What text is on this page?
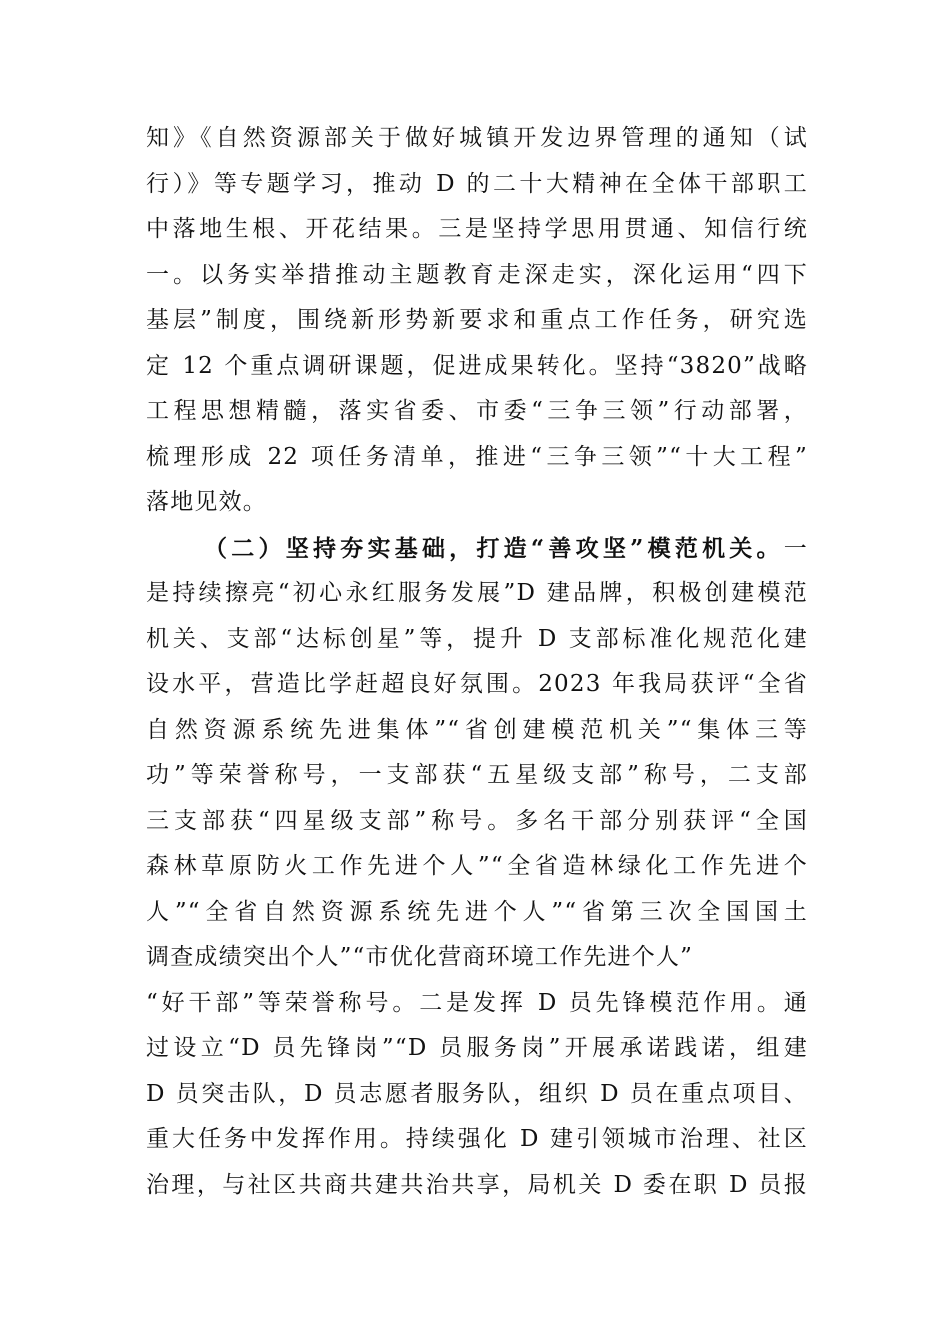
知》《自然资源部关于做好城镇开发边界管理的通知（试
行）》等专题学习，推动 D 的二十大精神在全体干部职工
中落地生根、开花结果。三是坚持学思用贯通、知信行统
一。以务实举措推动主题教育走深走实，深化运用“四下
基层”制度，围绕新形势新要求和重点工作任务，研究选
定 12 个重点调研课题，促进成果转化。坚持“3820”战略
工程思想精髓，落实省委、市委“三争三领”行动部署，
梳理形成 22 项任务清单，推进“三争三领”“十大工程”
落地见效。
（二）坚持夯实基础，打造“善攻坚”模范机关。一
是持续擦亮“初心永红服务发展”D 建品牌，积极创建模范
机关、支部“达标创星”等，提升 D 支部标准化规范化建
设水平，营造比学赶超良好氛围。2023 年我局获评“全省
自然资源系统先进集体”“省创建模范机关”“集体三等
功”等荣誉称号，一支部获“五星级支部”称号，二支部
三支部获“四星级支部”称号。多名干部分别获评“全国
森林草原防火工作先进个人”“全省造林绿化工作先进个
人”“全省自然资源系统先进个人”“省第三次全国国土
调查成绩突出个人”“市优化营商环境工作先进个人”
“好干部”等荣誉称号。二是发挥 D 员先锋模范作用。通
过设立“D 员先锋岗”“D 员服务岗”开展承诺践诺，组建
D 员突击队，D 员志愿者服务队，组织 D 员在重点项目、
重大任务中发挥作用。持续强化 D 建引领城市治理、社区
治理，与社区共商共建共治共享，局机关 D 委在职 D 员报
